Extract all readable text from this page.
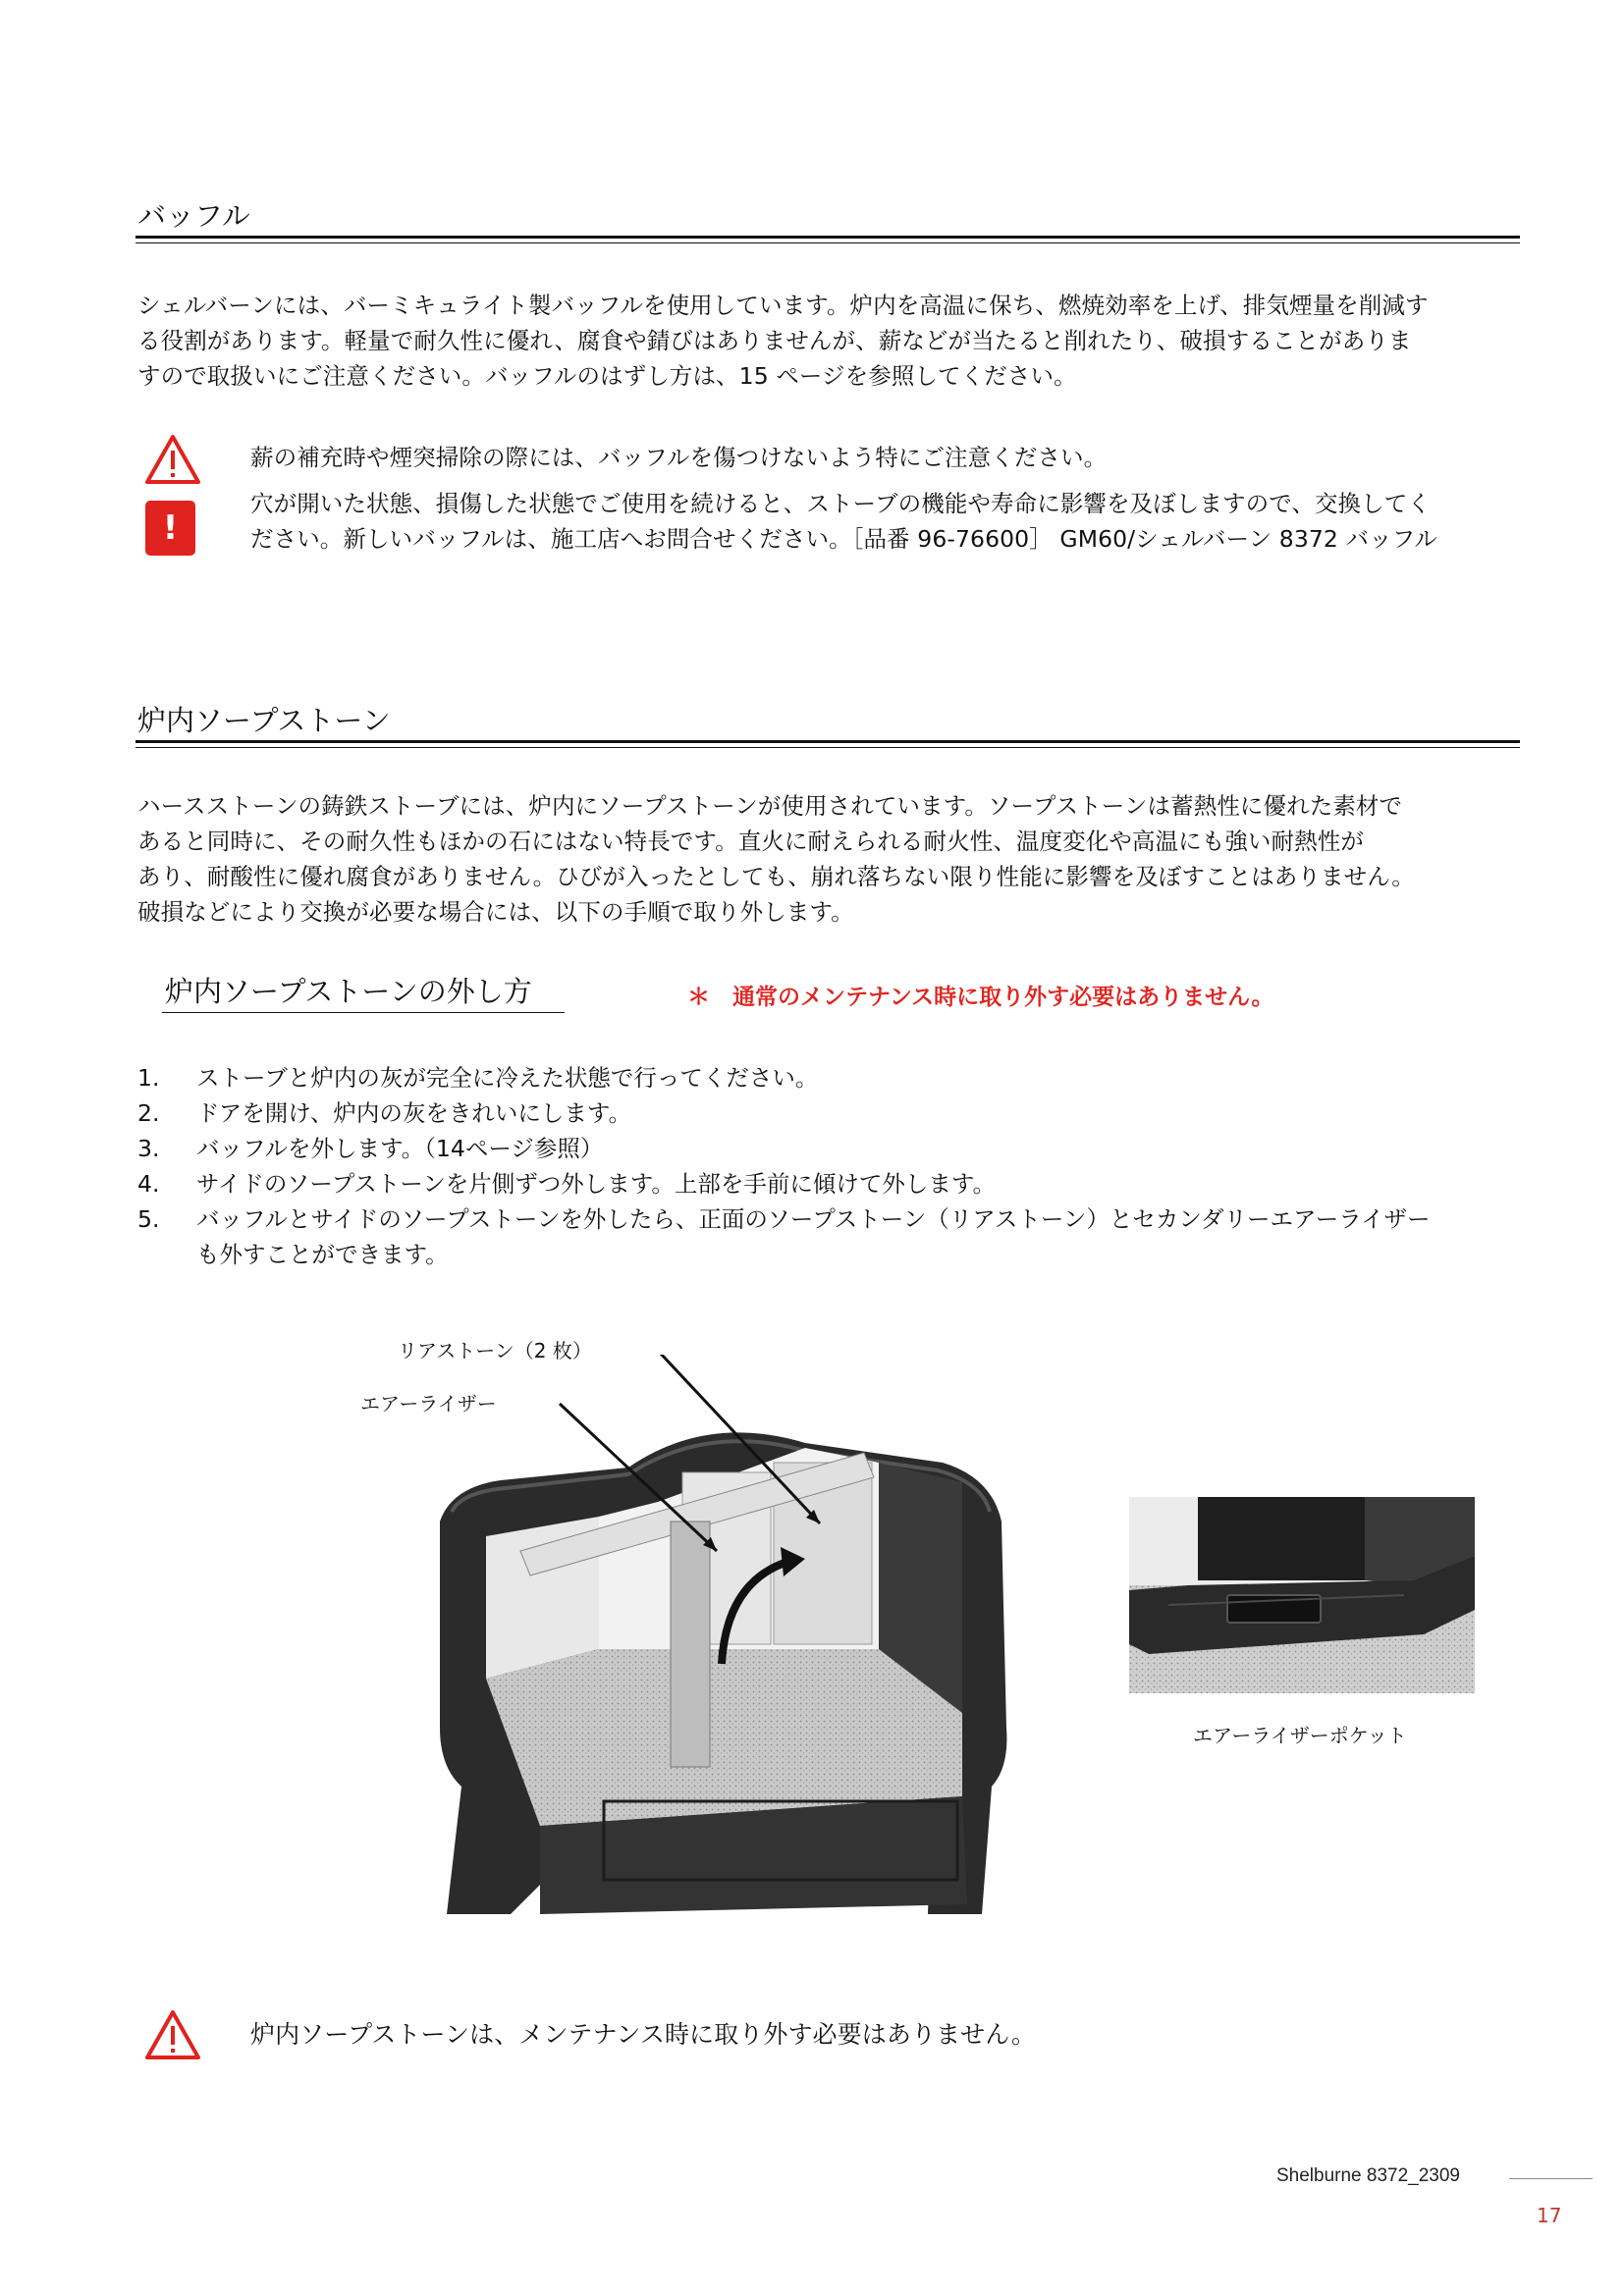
バッフル

シェルバーンには、バーミキュライト製バッフルを使用しています。炉内を高温に保ち、燃焼効率を上げ、排気煙量を削減す

る役割があります。軽量で耐久性に優れ、腐食や錆びはありませんが、薪などが当たると削れたり、破損することがありま

すので取扱いにご注意ください。バッフルのはずし方は、15 ページを参照してください。

薪の補充時や煙突掃除の際には、バッフルを傷つけないよう特にご注意ください。
!

穴が開いた状態、損傷した状態でご使用を続けると、ストーブの機能や寿命に影響を及ぼしますので、交換してく

ださい。新しいバッフルは、施工店へお問合せください。［品番 96-76600］ GM60/シェルバーン 8372 バッフル

炉内ソープストーン

ハースストーンの鋳鉄ストーブには、炉内にソープストーンが使用されています。ソープストーンは蓄熱性に優れた素材で

あると同時に、その耐久性もほかの石にはない特長です。直火に耐えられる耐火性、温度変化や高温にも強い耐熱性が

あり、耐酸性に優れ腐食がありません。ひびが入ったとしても、崩れ落ちない限り性能に影響を及ぼすことはありません。

破損などにより交換が必要な場合には、以下の手順で取り外します。

炉内ソープストーンの外し方	＊　通常のメンテナンス時に取り外す必要はありません。
1. ストーブと炉内の灰が完全に冷えた状態で行ってください。
2. ドアを開け、炉内の灰をきれいにします。
3. バッフルを外します。（14ページ参照）
4. サイドのソープストーンを片側ずつ外します。上部を手前に傾けて外します。
5. バッフルとサイドのソープストーンを外したら、正面のソープストーン（リアストーン）とセカンダリーエアーライザー
も外すことができます。
リアストーン（2 枚）
エアーライザー
エアーライザーポケット
炉内ソープストーンは、メンテナンス時に取り外す必要はありません。
Shelburne 8372_2309
17
